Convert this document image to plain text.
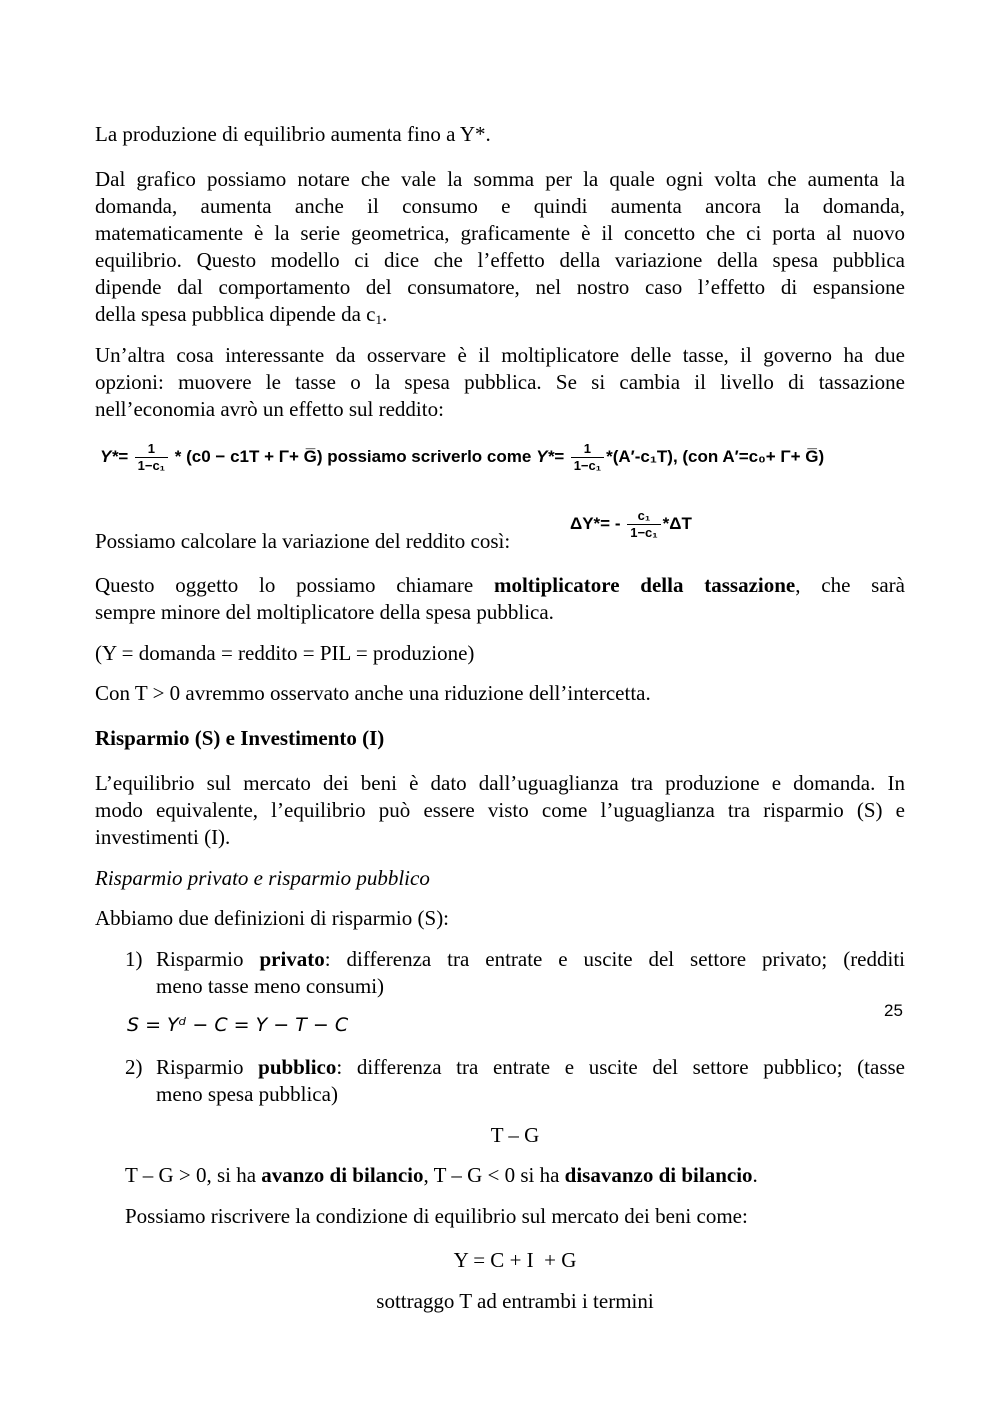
La produzione di equilibrio aumenta fino a Y*.

Dal grafico possiamo notare che vale la somma per la quale ogni volta che aumenta la
domanda, aumenta anche il consumo e quindi aumenta ancora la domanda,
matematicamente è la serie geometrica, graficamente è il concetto che ci porta al nuovo
equilibrio. Questo modello ci dice che l’effetto della variazione della spesa pubblica
dipende dal comportamento del consumatore, nel nostro caso l’effetto di espansione
della spesa pubblica dipende da $c_1$.
Un’altra cosa interessante da osservare è il moltiplicatore delle tasse, il governo ha due
opzioni: muovere le tasse o la spesa pubblica. Se si cambia il livello di tassazione
nell’economia avrò un effetto sul reddito:
$Y*= \frac{1}{\text{1−c₁}} * (c0 - c1T + \Gamma+$ G̅) possiamo scriverlo come $Y*= \frac{1}{\text{1−c₁}} *(A'-c_1T)$, (con A′=c₀+ Γ+ G̅)
Possiamo calcolare la variazione del reddito così:
$\Delta Y*= - \frac{\text{c₁}}{\text{1−c₁}} *\Delta T$
Questo oggetto lo possiamo chiamare moltiplicatore della tassazione, che sarà
sempre minore del moltiplicatore della spesa pubblica.

(Y = domanda = reddito = PIL = produzione)

Con T > 0 avremmo osservato anche una riduzione dell’intercetta.

Risparmio (S) e Investimento (I)

L’equilibrio sul mercato dei beni è dato dall’uguaglianza tra produzione e domanda. In
modo equivalente, l’equilibrio può essere visto come l’uguaglianza tra risparmio (S) e
investimenti (I).

Risparmio privato e risparmio pubblico

Abbiamo due definizioni di risparmio (S):

1) Risparmio privato: differenza tra entrate e uscite del settore privato; (redditi
meno tasse meno consumi)
S = Yᵈ − C = Y − T − C
2) Risparmio pubblico: differenza tra entrate e uscite del settore pubblico; (tasse
meno spesa pubblica)

T – G

T – G > 0, si ha avanzo di bilancio, T – G < 0 si ha disavanzo di bilancio.
Possiamo riscrivere la condizione di equilibrio sul mercato dei beni come:

Y = C + I  + G

sottraggo T ad entrambi i termini

25
